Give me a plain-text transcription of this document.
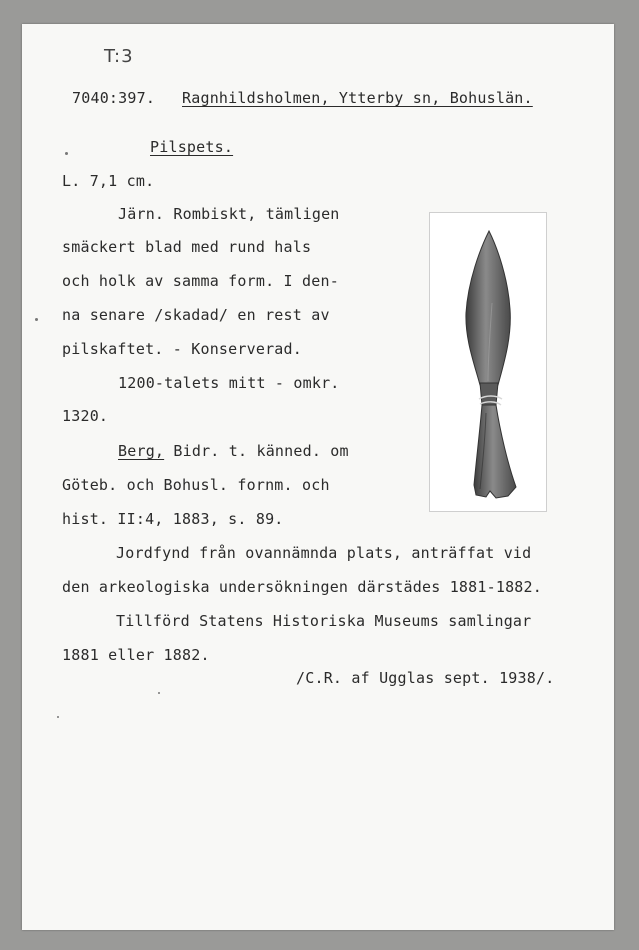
T:3

7040:397. Ragnhildsholmen, Ytterby sn, Bohuslän.

Pilspets.

L. 7,1 cm.

Järn. Rombiskt, tämligen

smäckert blad med rund hals

och holk av samma form. I den-

na senare /skadad/ en rest av

pilskaftet. - Konserverad.

1200-talets mitt - omkr.

1320.

Berg, Bidr. t. känned. om

Göteb. och Bohusl. fornm. och

hist. II:4, 1883, s. 89.

Jordfynd från ovannämnda plats, anträffat vid

den arkeologiska undersökningen därstädes 1881-1882.

Tillförd Statens Historiska Museums samlingar

1881 eller 1882.

/C.R. af Ugglas sept. 1938/.
